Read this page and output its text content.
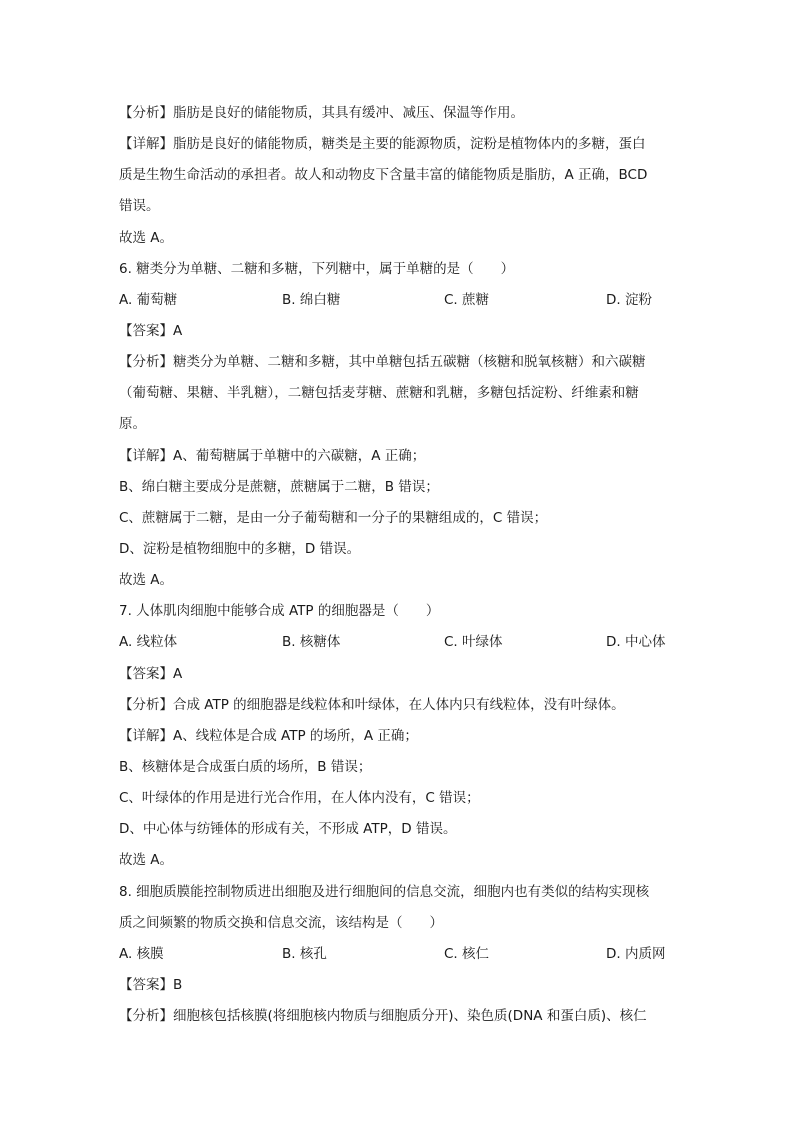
【分析】脂肪是良好的储能物质，其具有缓冲、减压、保温等作用。
【详解】脂肪是良好的储能物质，糖类是主要的能源物质，淀粉是植物体内的多糖，蛋白
质是生物生命活动的承担者。故人和动物皮下含量丰富的储能物质是脂肪，A 正确，BCD
错误。
故选 A。
6. 糖类分为单糖、二糖和多糖，下列糖中，属于单糖的是（　　）
A. 葡萄糖	B. 绵白糖	C. 蔗糖	D. 淀粉
【答案】A
【分析】糖类分为单糖、二糖和多糖，其中单糖包括五碳糖（核糖和脱氧核糖）和六碳糖
（葡萄糖、果糖、半乳糖），二糖包括麦芽糖、蔗糖和乳糖，多糖包括淀粉、纤维素和糖
原。
【详解】A、葡萄糖属于单糖中的六碳糖，A 正确；
B、绵白糖主要成分是蔗糖，蔗糖属于二糖，B 错误；
C、蔗糖属于二糖，是由一分子葡萄糖和一分子的果糖组成的，C 错误；
D、淀粉是植物细胞中的多糖，D 错误。
故选 A。
7. 人体肌肉细胞中能够合成 ATP 的细胞器是（　　）
A. 线粒体	B. 核糖体	C. 叶绿体	D. 中心体
【答案】A
【分析】合成 ATP 的细胞器是线粒体和叶绿体，在人体内只有线粒体，没有叶绿体。
【详解】A、线粒体是合成 ATP 的场所，A 正确；
B、核糖体是合成蛋白质的场所，B 错误；
C、叶绿体的作用是进行光合作用，在人体内没有，C 错误；
D、中心体与纺锤体的形成有关，不形成 ATP，D 错误。
故选 A。
8. 细胞质膜能控制物质进出细胞及进行细胞间的信息交流，细胞内也有类似的结构实现核
质之间频繁的物质交换和信息交流，该结构是（　　）
A. 核膜	B. 核孔	C. 核仁	D. 内质网
【答案】B
【分析】细胞核包括核膜(将细胞核内物质与细胞质分开)、染色质(DNA 和蛋白质)、核仁
